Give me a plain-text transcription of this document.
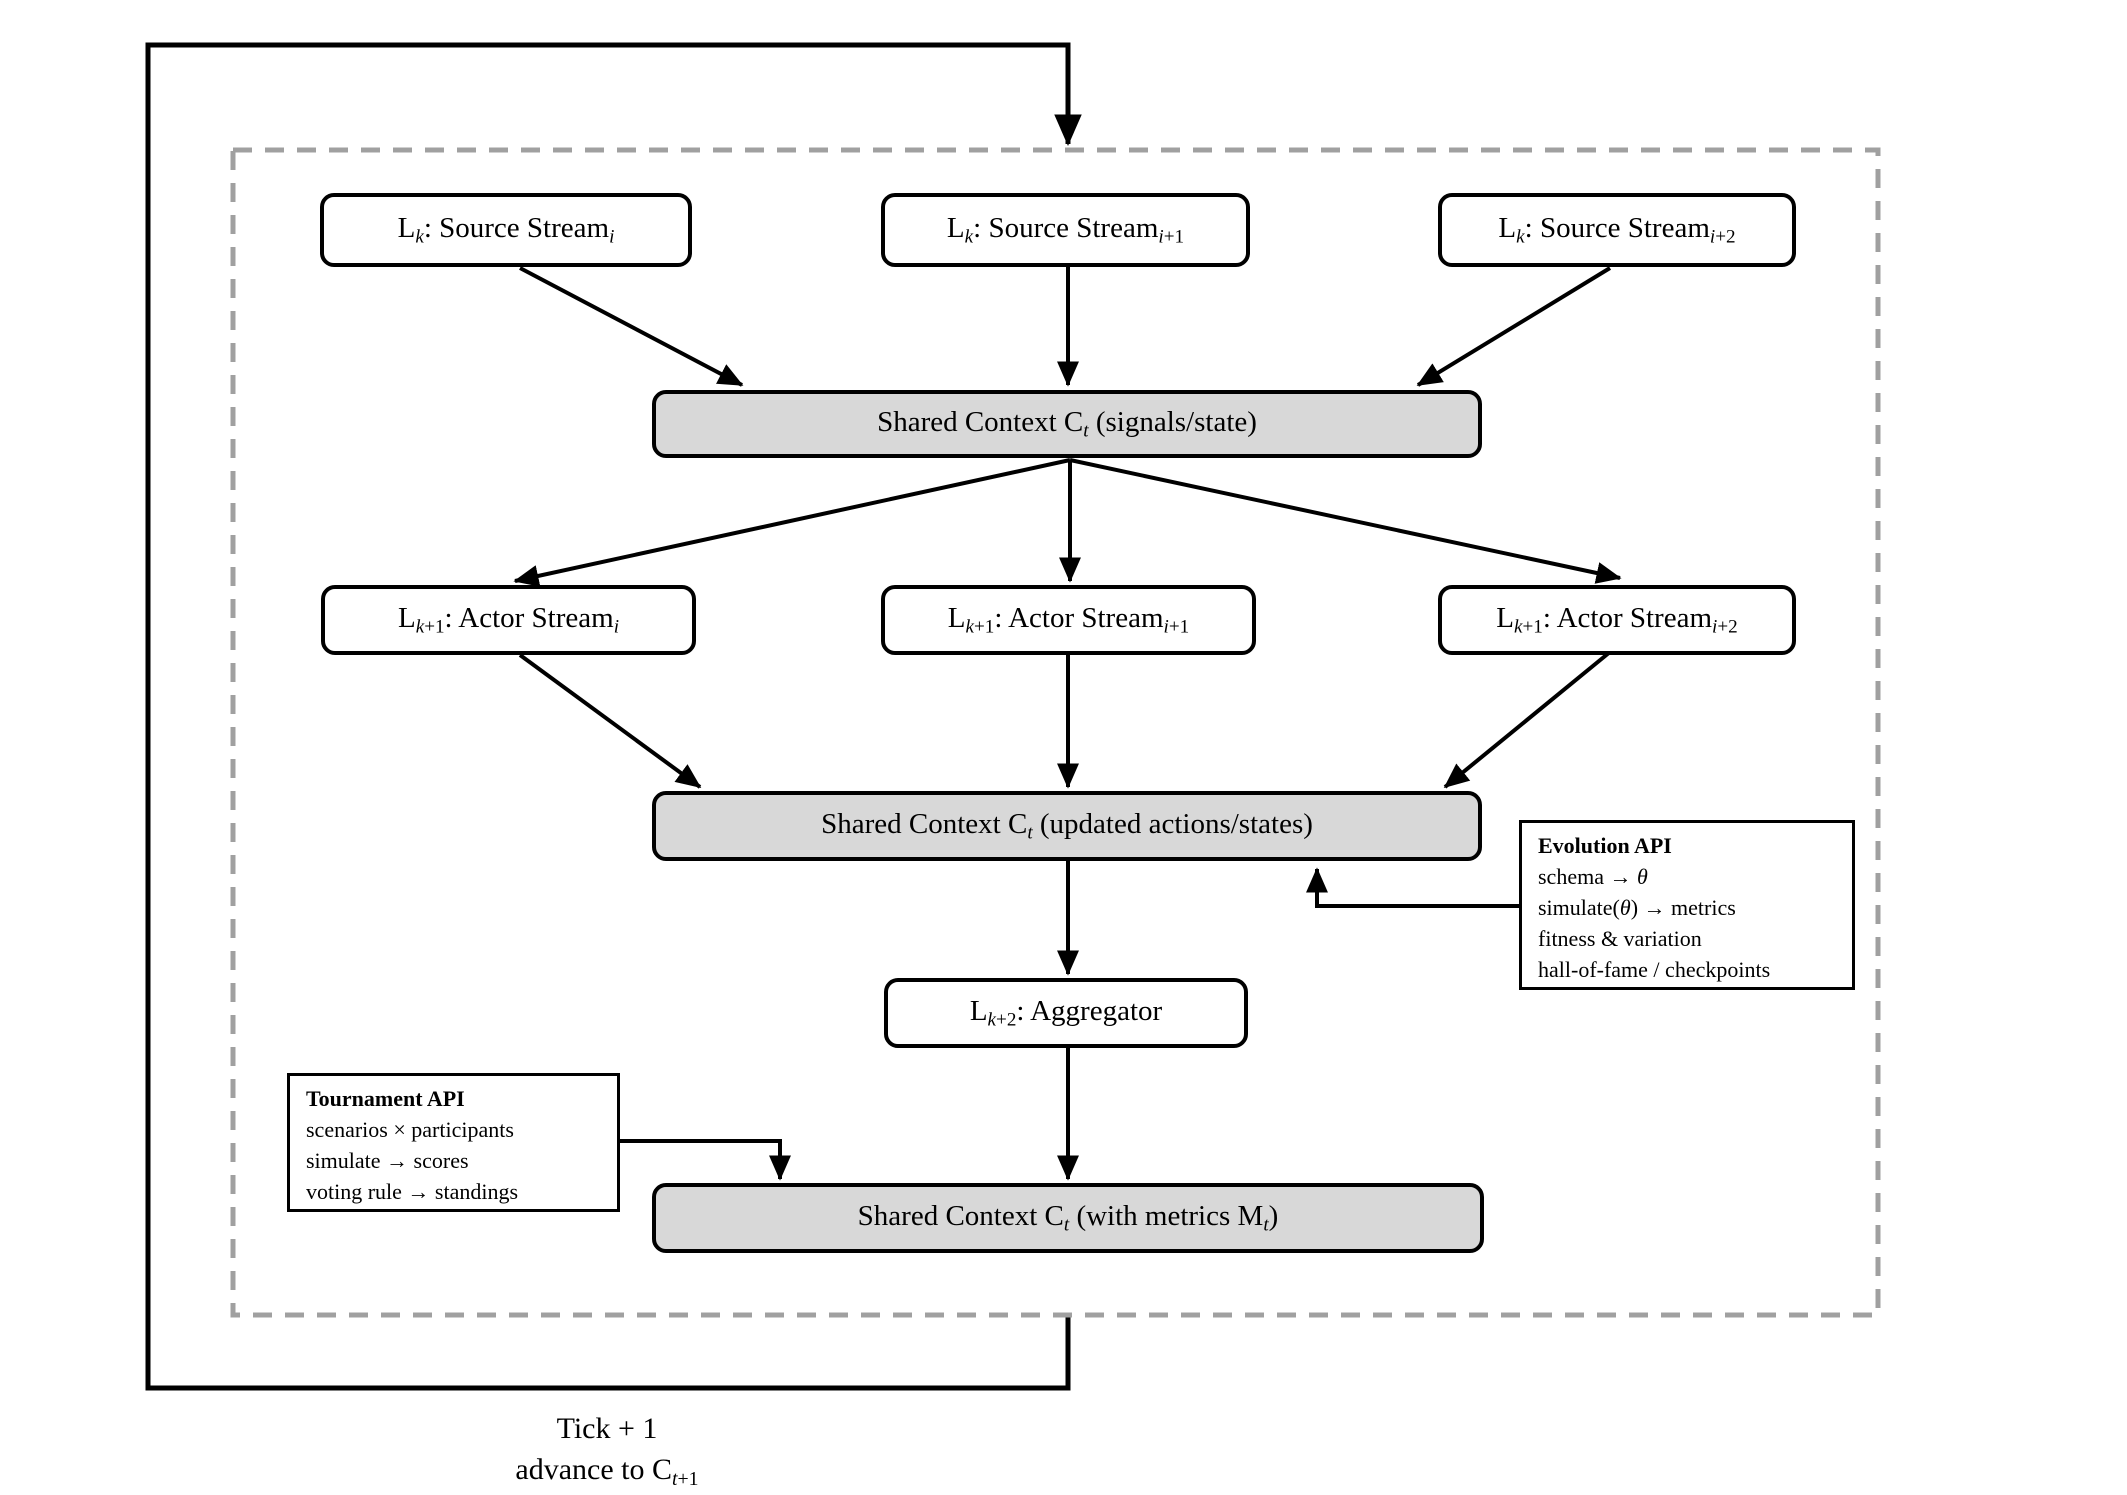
$L_k$: Source Stream$_i$	$L_k$: Source Stream$_{i+1}$	$L_k$: Source Stream$_{i+2}$
Shared Context $C_t$ (signals/state)
$L_{k+1}$: Actor Stream$_i$	$L_{k+1}$: Actor Stream$_{i+1}$	$L_{k+1}$: Actor Stream$_{i+2}$
Shared Context $C_t$ (updated actions/states)
Evolution API
schema → θ
simulate(θ) → metrics
fitness & variation
hall-of-fame / checkpoints
$L_{k+2}$: Aggregator
Tournament API
scenarios × participants
simulate → scores
voting rule → standings
Shared Context $C_t$ (with metrics $M_t$)
Tick + 1
advance to $C_{t+1}$
